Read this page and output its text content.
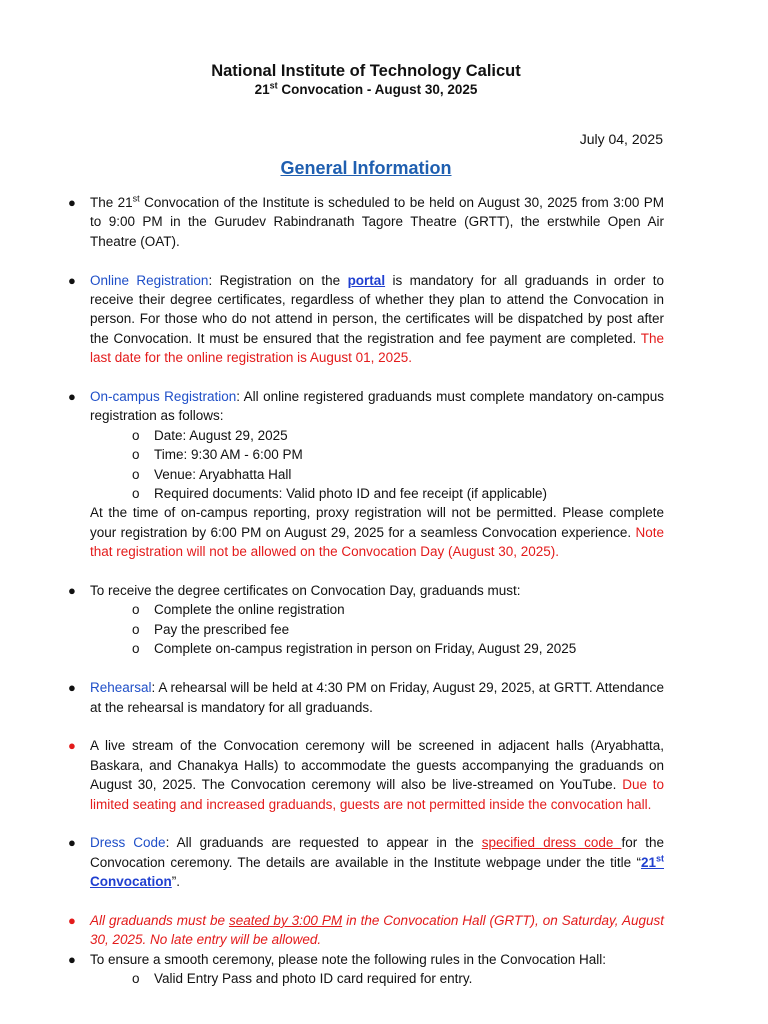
National Institute of Technology Calicut
21st Convocation - August 30, 2025
July 04, 2025
General Information
● The 21st Convocation of the Institute is scheduled to be held on August 30, 2025 from 3:00 PM to 9:00 PM in the Gurudev Rabindranath Tagore Theatre (GRTT), the erstwhile Open Air Theatre (OAT).
● Online Registration: Registration on the portal is mandatory for all graduands in order to receive their degree certificates, regardless of whether they plan to attend the Convocation in person. For those who do not attend in person, the certificates will be dispatched by post after the Convocation. It must be ensured that the registration and fee payment are completed. The last date for the online registration is August 01, 2025.
● On-campus Registration: All online registered graduands must complete mandatory on-campus registration as follows:
o Date: August 29, 2025
o Time: 9:30 AM - 6:00 PM
o Venue: Aryabhatta Hall
o Required documents: Valid photo ID and fee receipt (if applicable)
At the time of on-campus reporting, proxy registration will not be permitted. Please complete your registration by 6:00 PM on August 29, 2025 for a seamless Convocation experience. Note that registration will not be allowed on the Convocation Day (August 30, 2025).
● To receive the degree certificates on Convocation Day, graduands must:
o Complete the online registration
o Pay the prescribed fee
o Complete on-campus registration in person on Friday, August 29, 2025
● Rehearsal: A rehearsal will be held at 4:30 PM on Friday, August 29, 2025, at GRTT. Attendance at the rehearsal is mandatory for all graduands.
● A live stream of the Convocation ceremony will be screened in adjacent halls (Aryabhatta, Baskara, and Chanakya Halls) to accommodate the guests accompanying the graduands on August 30, 2025. The Convocation ceremony will also be live-streamed on YouTube. Due to limited seating and increased graduands, guests are not permitted inside the convocation hall.
● Dress Code: All graduands are requested to appear in the specified dress code for the Convocation ceremony. The details are available in the Institute webpage under the title “21st Convocation”.
● All graduands must be seated by 3:00 PM in the Convocation Hall (GRTT), on Saturday, August 30, 2025. No late entry will be allowed.
● To ensure a smooth ceremony, please note the following rules in the Convocation Hall:
o Valid Entry Pass and photo ID card required for entry.
